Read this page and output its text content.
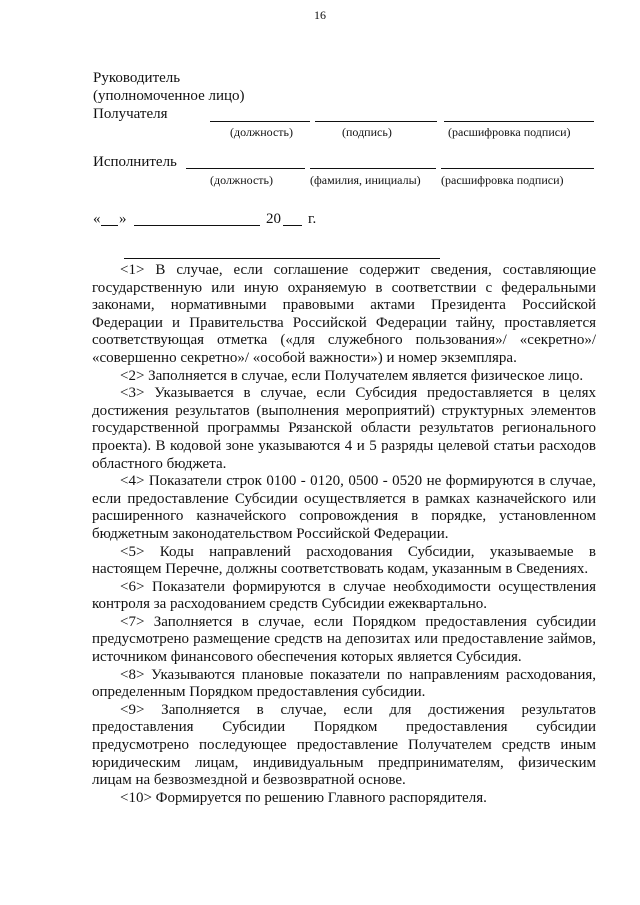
16
Руководитель
(уполномоченное лицо)
Получателя
(должность)	(подпись)	(расшифровка подписи)
Исполнитель
(должность)	(фамилия, инициалы) (расшифровка подписи)
« »	20 г.

<1> В случае, если соглашение содержит сведения, составляющие государственную или иную охраняемую в соответствии с федеральными законами, нормативными правовыми актами Президента Российской Федерации и Правительства Российской Федерации тайну, проставляется соответствующая отметка («для служебного пользования»/ «секретно»/ «совершенно секретно»/ «особой важности») и номер экземпляра.

<2> Заполняется в случае, если Получателем является физическое лицо.

<3> Указывается в случае, если Субсидия предоставляется в целях достижения результатов (выполнения мероприятий) структурных элементов государственной программы Рязанской области результатов регионального проекта). В кодовой зоне указываются 4 и 5 разряды целевой статьи расходов областного бюджета.

<4> Показатели строк 0100 - 0120, 0500 - 0520 не формируются в случае, если предоставление Субсидии осуществляется в рамках казначейского или расширенного казначейского сопровождения в порядке, установленном бюджетным законодательством Российской Федерации.

<5> Коды направлений расходования Субсидии, указываемые в настоящем Перечне, должны соответствовать кодам, указанным в Сведениях.

<6> Показатели формируются в случае необходимости осуществления контроля за расходованием средств Субсидии ежеквартально.

<7> Заполняется в случае, если Порядком предоставления субсидии предусмотрено размещение средств на депозитах или предоставление займов, источником финансового обеспечения которых является Субсидия.

<8> Указываются плановые показатели по направлениям расходования, определенным Порядком предоставления субсидии.

<9> Заполняется в случае, если для достижения результатов предоставления Субсидии Порядком предоставления субсидии предусмотрено последующее предоставление Получателем средств иным юридическим лицам, индивидуальным предпринимателям, физическим лицам на безвозмездной и безвозвратной основе.

<10> Формируется по решению Главного распорядителя.
